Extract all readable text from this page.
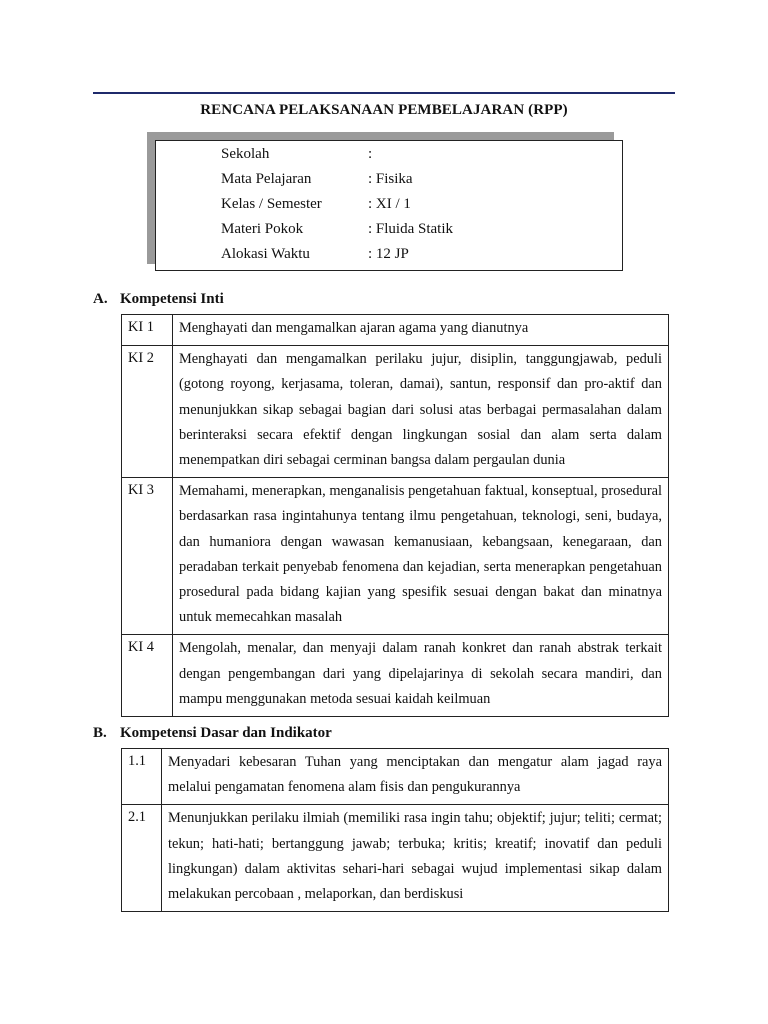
RENCANA PELAKSANAAN PEMBELAJARAN (RPP)
Sekolah	:
Mata Pelajaran	: Fisika
Kelas / Semester	: XI / 1
Materi Pokok	: Fluida Statik
Alokasi Waktu	: 12 JP
A. Kompetensi Inti
KI 1	Menghayati dan mengamalkan ajaran agama yang dianutnya
KI 2	Menghayati dan mengamalkan perilaku jujur, disiplin, tanggungjawab, peduli (gotong royong, kerjasama, toleran, damai), santun, responsif dan pro-aktif dan menunjukkan sikap sebagai bagian dari solusi atas berbagai permasalahan dalam berinteraksi secara efektif dengan lingkungan sosial dan alam serta dalam menempatkan diri sebagai cerminan bangsa dalam pergaulan dunia
KI 3	Memahami, menerapkan, menganalisis pengetahuan faktual, konseptual, prosedural berdasarkan rasa ingintahunya tentang ilmu pengetahuan, teknologi, seni, budaya, dan humaniora dengan wawasan kemanusiaan, kebangsaan, kenegaraan, dan peradaban terkait penyebab fenomena dan kejadian, serta menerapkan pengetahuan prosedural pada bidang kajian yang spesifik sesuai dengan bakat dan minatnya untuk memecahkan masalah
KI 4	Mengolah, menalar, dan menyaji dalam ranah konkret dan ranah abstrak terkait dengan pengembangan dari yang dipelajarinya di sekolah secara mandiri, dan mampu menggunakan metoda sesuai kaidah keilmuan
B. Kompetensi Dasar dan Indikator
1.1	Menyadari kebesaran Tuhan yang menciptakan dan mengatur alam jagad raya melalui pengamatan fenomena alam fisis dan pengukurannya
2.1	Menunjukkan perilaku ilmiah (memiliki rasa ingin tahu; objektif; jujur; teliti; cermat; tekun; hati-hati; bertanggung jawab; terbuka; kritis; kreatif; inovatif dan peduli lingkungan) dalam aktivitas sehari-hari sebagai wujud implementasi sikap dalam melakukan percobaan , melaporkan, dan berdiskusi
